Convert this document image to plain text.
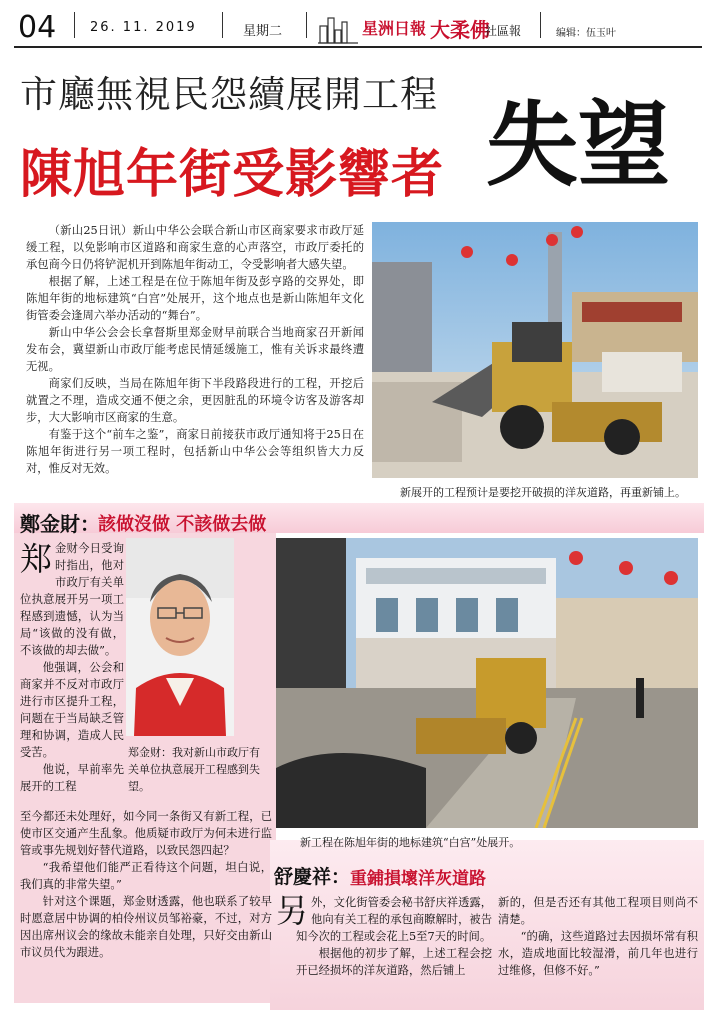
04	26. 11. 2019	星期二	星洲日報 大柔佛
社區報	编辑：伍玉叶
市廳無視民怨續展開工程
陳旭年街受影響者 失望

（新山25日讯）新山中华公会联合新山市区商家要求市政厅延缓工程，以免影响市区道路和商家生意的心声落空，市政厅委托的承包商今日仍将铲泥机开到陈旭年街动工，令受影响者大感失望。

根据了解，上述工程是在位于陈旭年街及彭亨路的交界处，即陈旭年街的地标建筑“白宫”处展开，这个地点也是新山陈旭年文化街管委会逢周六举办活动的“舞台”。

新山中华公会会长拿督斯里郑金财早前联合当地商家召开新闻发布会，冀望新山市政厅能考虑民情延缓施工，惟有关诉求最终遭无视。

商家们反映，当局在陈旭年街下半段路段进行的工程，开挖后就置之不理，造成交通不便之余，更因脏乱的环境令访客及游客却步，大大影响市区商家的生意。

有鉴于这个“前车之鉴”，商家日前接获市政厅通知将于25日在陈旭年街进行另一项工程时，包括新山中华公会等组织皆大力反对，惟反对无效。

新展开的工程预计是要挖开破损的洋灰道路，再重新铺上。
鄭金財：
該做沒做 不該做去做
郑金财：我对新山市政厅有关单位执意展开工程感到失望。

郑金财今日受询时指出，他对市政厅有关单位执意展开另一项工程感到遗憾，认为当局“该做的没有做，不该做的却去做”。

他强调，公会和商家并不反对市政厅进行市区提升工程，问题在于当局缺乏管理和协调，造成人民受苦。

他说，早前率先展开的工程

至今都还未处理好，如今同一条街又有新工程，已使市区交通产生乱象。他质疑市政厅为何未进行监管或事先规划好替代道路，以致民怨四起？

“我希望他们能严正看待这个问题，坦白说，我们真的非常失望。”

针对这个课题，郑金财透露，他也联系了较早时愿意居中协调的柏伶州议员邹裕豪，不过，对方因出席州议会的缘故未能亲自处理，只好交由新山市议员代为跟进。

新工程在陈旭年街的地标建筑“白宫”处展开。
舒慶祥： 重鋪損壞洋灰道路

另外，文化街管委会秘书舒庆祥透露，他向有关工程的承包商瞭解时，被告知今次的工程或会花上5至7天的时间。

根据他的初步了解，上述工程会挖开已经损坏的洋灰道路，然后铺上

新的，但是否还有其他工程项目则尚不清楚。

“的确，这些道路过去因损坏常有积水，造成地面比较湿滑，前几年也进行过维修，但修不好。”
